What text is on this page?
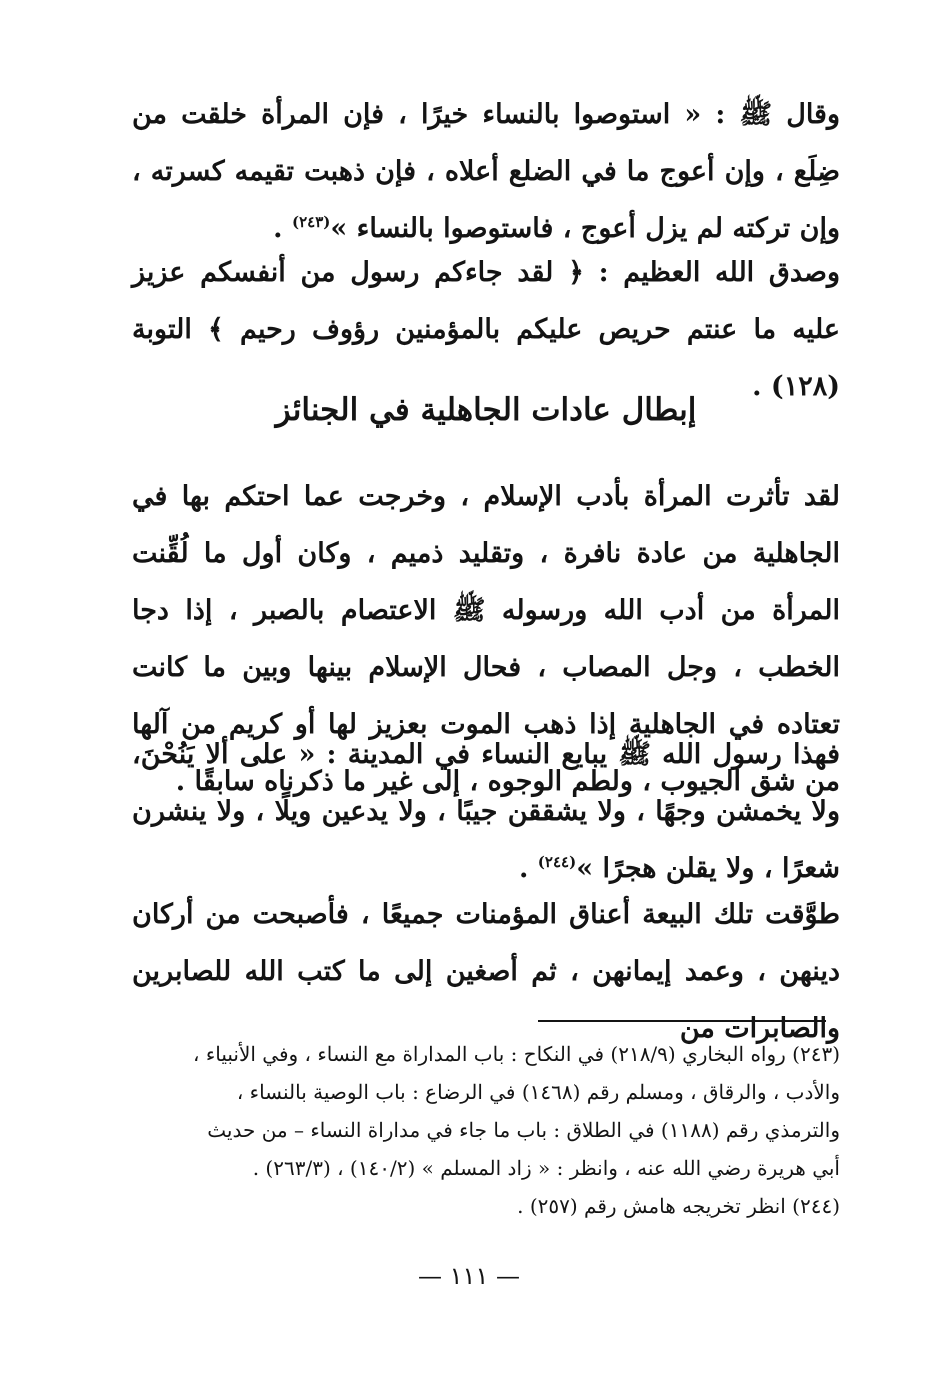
وقال ﷺ : « استوصوا بالنساء خيرًا ، فإن المرأة خلقت من ضِلَع ، وإن أعوج ما في الضلع أعلاه ، فإن ذهبت تقيمه كسرته ، وإن تركته لم يزل أعوج ، فاستوصوا بالنساء »$^{(٢٤٣)}$ .

وصدق الله العظيم : ﴿ لقد جاءكم رسول من أنفسكم عزيز عليه ما عنتم حريص عليكم بالمؤمنين رؤوف رحيم ﴾ التوبة (١٢٨) .

إبطال عادات الجاهلية في الجنائز

لقد تأثرت المرأة بأدب الإسلام ، وخرجت عما احتكم بها في الجاهلية من عادة نافرة ، وتقليد ذميم ، وكان أول ما لُقِّنت المرأة من أدب الله ورسوله ﷺ الاعتصام بالصبر ، إذا دجا الخطب ، وجل المصاب ، فحال الإسلام بينها وبين ما كانت تعتاده في الجاهلية إذا ذهب الموت بعزيز لها أو كريم من آلها من شق الجيوب ، ولطم الوجوه ، إلى غير ما ذكرناه سابقًا .

فهذا رسول الله ﷺ يبايع النساء في المدينة : « على ألا يَنُحْنَ، ولا يخمشن وجهًا ، ولا يشققن جيبًا ، ولا يدعين ويلًا ، ولا ينشرن شعرًا ، ولا يقلن هجرًا »$^{(٢٤٤)}$ .

طوَّقت تلك البيعة أعناق المؤمنات جميعًا ، فأصبحت من أركان دينهن ، وعمد إيمانهن ، ثم أصغين إلى ما كتب الله للصابرين والصابرات من

(٢٤٣) رواه البخاري (٢١٨/٩) في النكاح : باب المداراة مع النساء ، وفي الأنبياء ،

والأدب ، والرقاق ، ومسلم رقم (١٤٦٨) في الرضاع : باب الوصية بالنساء ،

والترمذي رقم (١١٨٨) في الطلاق : باب ما جاء في مداراة النساء – من حديث

أبي هريرة رضي الله عنه ، وانظر : « زاد المسلم » (١٤٠/٢) ، (٢٦٣/٣) .

(٢٤٤) انظر تخريجه هامش رقم (٢٥٧) .

— ١١١ —
